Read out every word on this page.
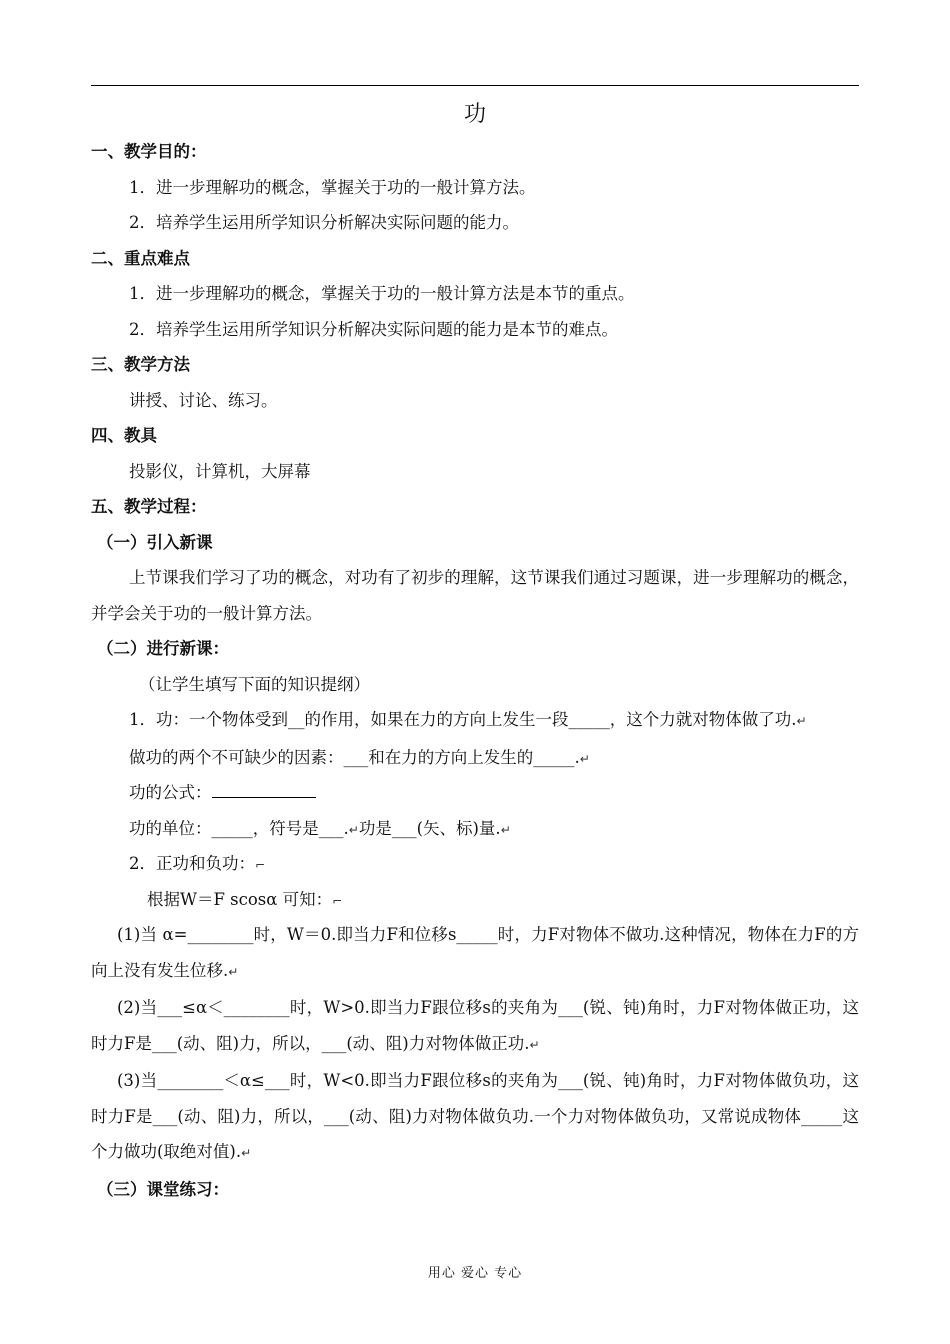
功
一、教学目的：
1．进一步理解功的概念，掌握关于功的一般计算方法。
2．培养学生运用所学知识分析解决实际问题的能力。
二、重点难点
1．进一步理解功的概念，掌握关于功的一般计算方法是本节的重点。
2．培养学生运用所学知识分析解决实际问题的能力是本节的难点。
三、教学方法
讲授、讨论、练习。
四、教具
投影仪，计算机，大屏幕
五、教学过程：
（一）引入新课
上节课我们学习了功的概念，对功有了初步的理解，这节课我们通过习题课，进一步理解功的概念，并学会关于功的一般计算方法。
（二）进行新课：
（让学生填写下面的知识提纲）
1．功：一个物体受到__的作用，如果在力的方向上发生一段_____，这个力就对物体做了功.↵
做功的两个不可缺少的因素：___和在力的方向上发生的_____.↵
功的公式：
功的单位：_____，符号是___.↵功是___(矢、标)量.↵
2．正功和负功：⌐
根据W＝F scosα 可知：⌐
(1)当 α=________时，W＝0.即当力F和位移s_____时，力F对物体不做功.这种情况，物体在力F的方向上没有发生位移.↵
(2)当___≤α＜________时，W>0.即当力F跟位移s的夹角为___(锐、钝)角时，力F对物体做正功，这时力F是___(动、阻)力，所以，___(动、阻)力对物体做正功.↵
(3)当________＜α≤___时，W<0.即当力F跟位移s的夹角为___(锐、钝)角时，力F对物体做负功，这时力F是___(动、阻)力，所以，___(动、阻)力对物体做负功.一个力对物体做负功，又常说成物体_____这个力做功(取绝对值).↵
（三）课堂练习：
用心 爱心 专心
